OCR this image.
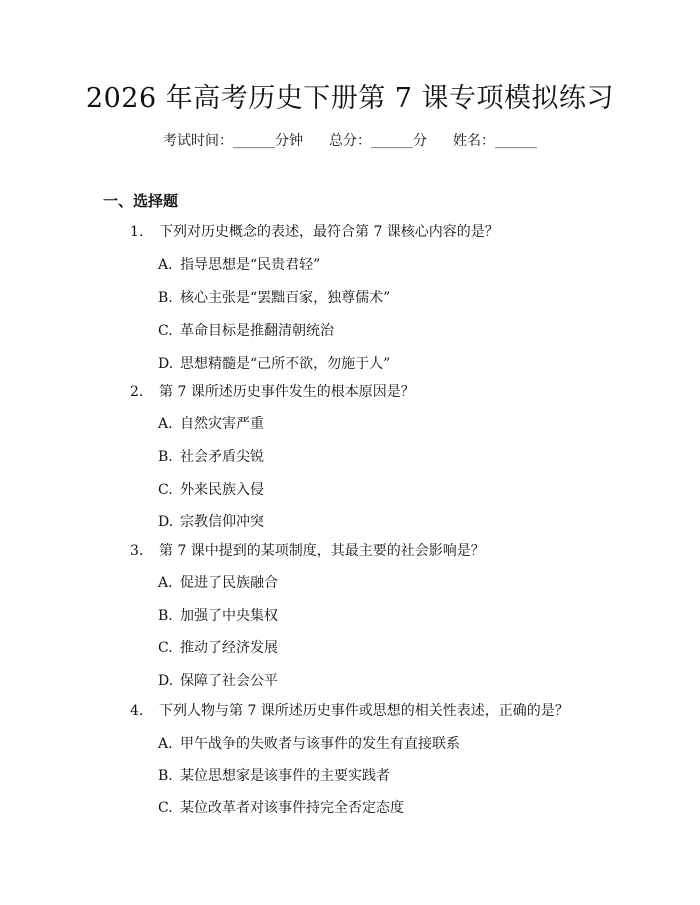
2026 年高考历史下册第 7 课专项模拟练习
考试时间：______分钟 总分：______分 姓名：______
一、选择题
1. 下列对历史概念的表述，最符合第 7 课核心内容的是？
A. 指导思想是“民贵君轻”
B. 核心主张是“罢黜百家，独尊儒术”
C. 革命目标是推翻清朝统治
D. 思想精髓是“己所不欲，勿施于人”
2. 第 7 课所述历史事件发生的根本原因是？
A. 自然灾害严重
B. 社会矛盾尖锐
C. 外来民族入侵
D. 宗教信仰冲突
3. 第 7 课中提到的某项制度，其最主要的社会影响是？
A. 促进了民族融合
B. 加强了中央集权
C. 推动了经济发展
D. 保障了社会公平
4. 下列人物与第 7 课所述历史事件或思想的相关性表述，正确的是？
A. 甲午战争的失败者与该事件的发生有直接联系
B. 某位思想家是该事件的主要实践者
C. 某位改革者对该事件持完全否定态度
